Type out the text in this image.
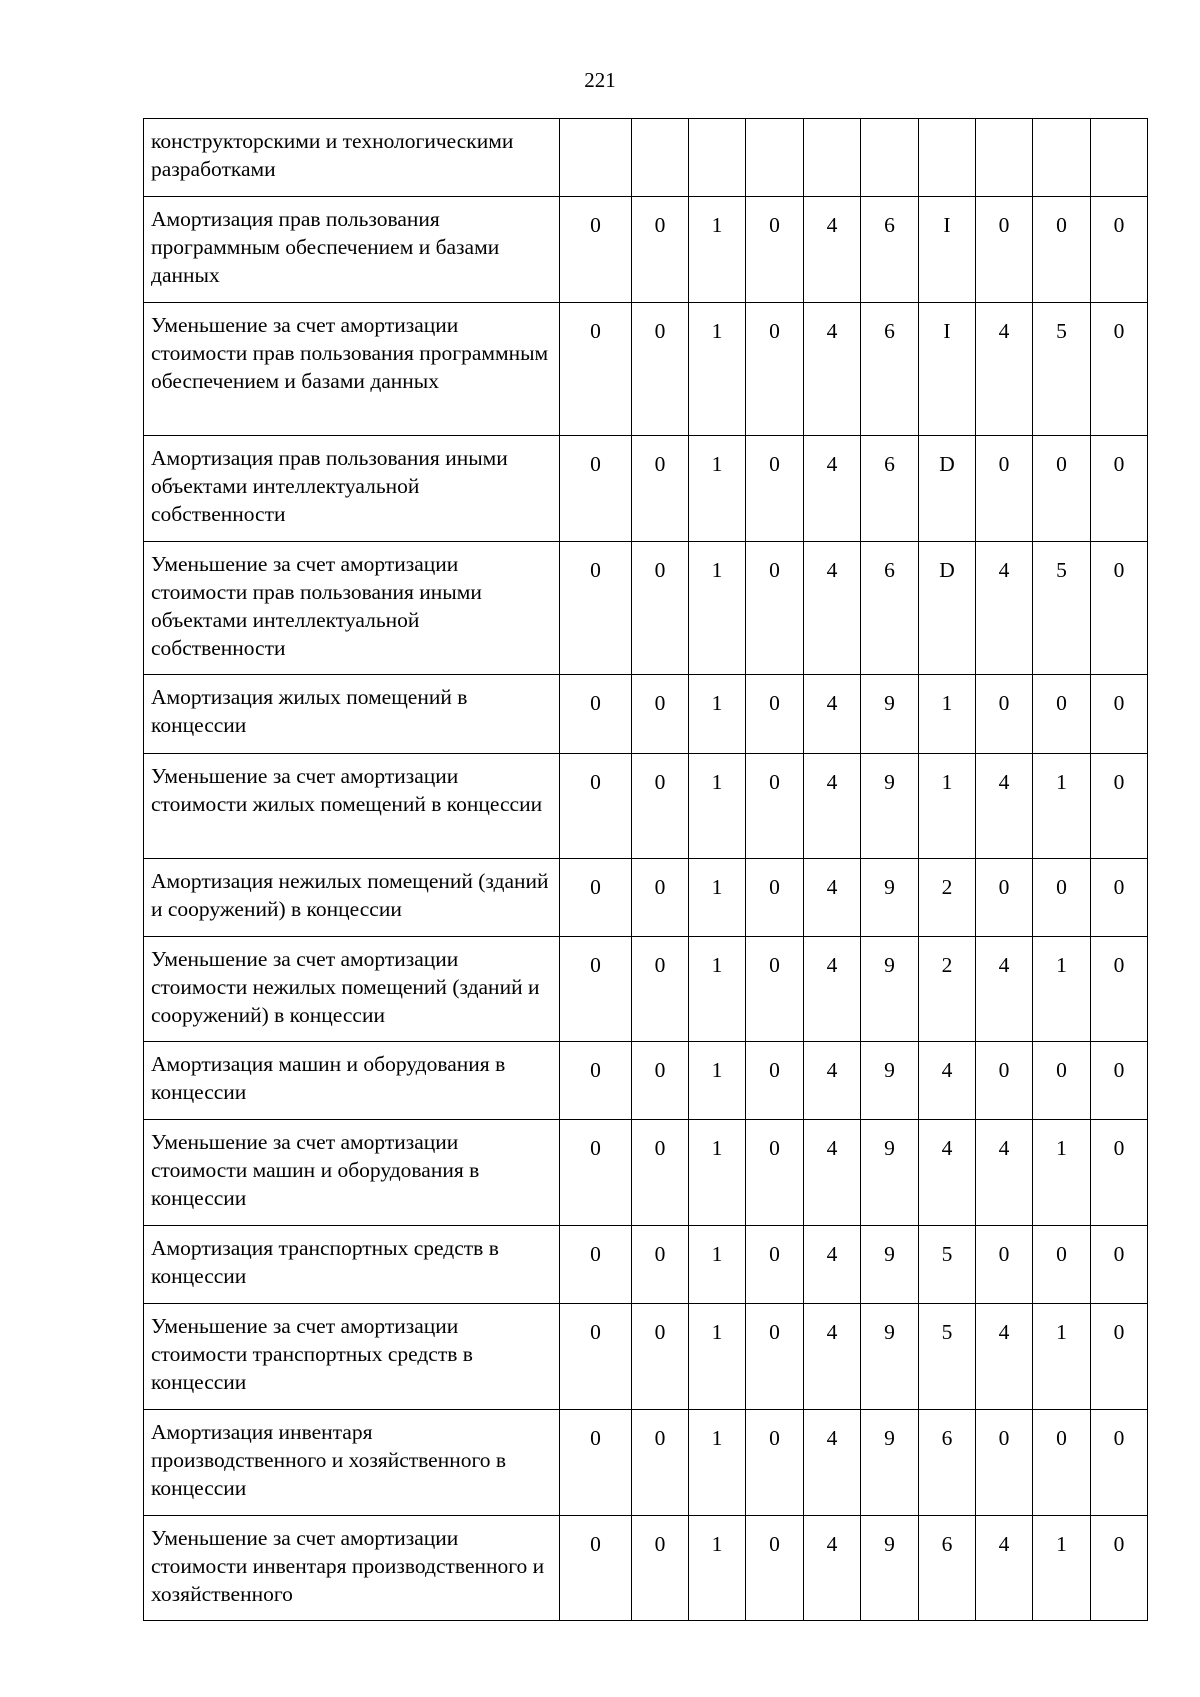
221
конструкторскими и технологическими разработками										
Амортизация прав пользования программным обеспечением и базами данных	0	0	1	0	4	6	I	0	0	0
Уменьшение за счет амортизации стоимости прав пользования программным обеспечением и базами данных	0	0	1	0	4	6	I	4	5	0
Амортизация прав пользования иными объектами интеллектуальной собственности	0	0	1	0	4	6	D	0	0	0
Уменьшение за счет амортизации стоимости прав пользования иными объектами интеллектуальной собственности	0	0	1	0	4	6	D	4	5	0
Амортизация жилых помещений в концессии	0	0	1	0	4	9	1	0	0	0
Уменьшение за счет амортизации стоимости жилых помещений в концессии	0	0	1	0	4	9	1	4	1	0
Амортизация нежилых помещений (зданий и сооружений) в концессии	0	0	1	0	4	9	2	0	0	0
Уменьшение за счет амортизации стоимости нежилых помещений (зданий и сооружений) в концессии	0	0	1	0	4	9	2	4	1	0
Амортизация машин и оборудования в концессии	0	0	1	0	4	9	4	0	0	0
Уменьшение за счет амортизации стоимости машин и оборудования в концессии	0	0	1	0	4	9	4	4	1	0
Амортизация транспортных средств в концессии	0	0	1	0	4	9	5	0	0	0
Уменьшение за счет амортизации стоимости транспортных средств в концессии	0	0	1	0	4	9	5	4	1	0
Амортизация инвентаря производственного и хозяйственного в концессии	0	0	1	0	4	9	6	0	0	0
Уменьшение за счет амортизации стоимости инвентаря производственного и хозяйственного	0	0	1	0	4	9	6	4	1	0
